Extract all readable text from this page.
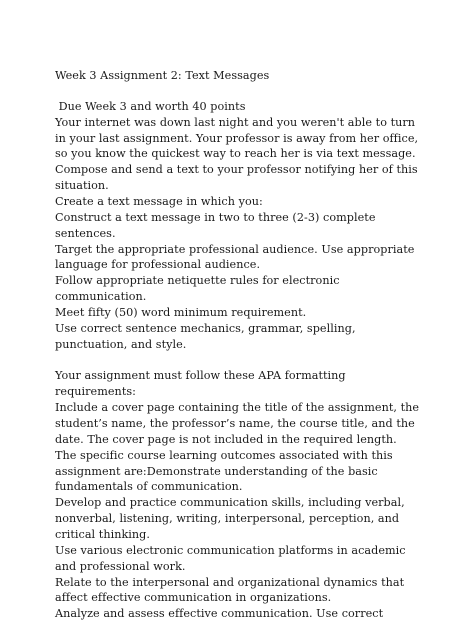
Week 3 Assignment 2: Text Messages
Due Week 3 and worth 40 points
Your internet was down last night and you weren't able to turn
in your last assignment. Your professor is away from her office,
so you know the quickest way to reach her is via text message.
Compose and send a text to your professor notifying her of this
situation.
Create a text message in which you:
Construct a text message in two to three (2-3) complete
sentences.
Target the appropriate professional audience. Use appropriate
language for professional audience.
Follow appropriate netiquette rules for electronic
communication.
Meet fifty (50) word minimum requirement.
Use correct sentence mechanics, grammar, spelling,
punctuation, and style.
Your assignment must follow these APA formatting
requirements:
Include a cover page containing the title of the assignment, the
student’s name, the professor’s name, the course title, and the
date. The cover page is not included in the required length.
The specific course learning outcomes associated with this
assignment are:Demonstrate understanding of the basic
fundamentals of communication.
Develop and practice communication skills, including verbal,
nonverbal, listening, writing, interpersonal, perception, and
critical thinking.
Use various electronic communication platforms in academic
and professional work.
Relate to the interpersonal and organizational dynamics that
affect effective communication in organizations.
Analyze and assess effective communication. Use correct
